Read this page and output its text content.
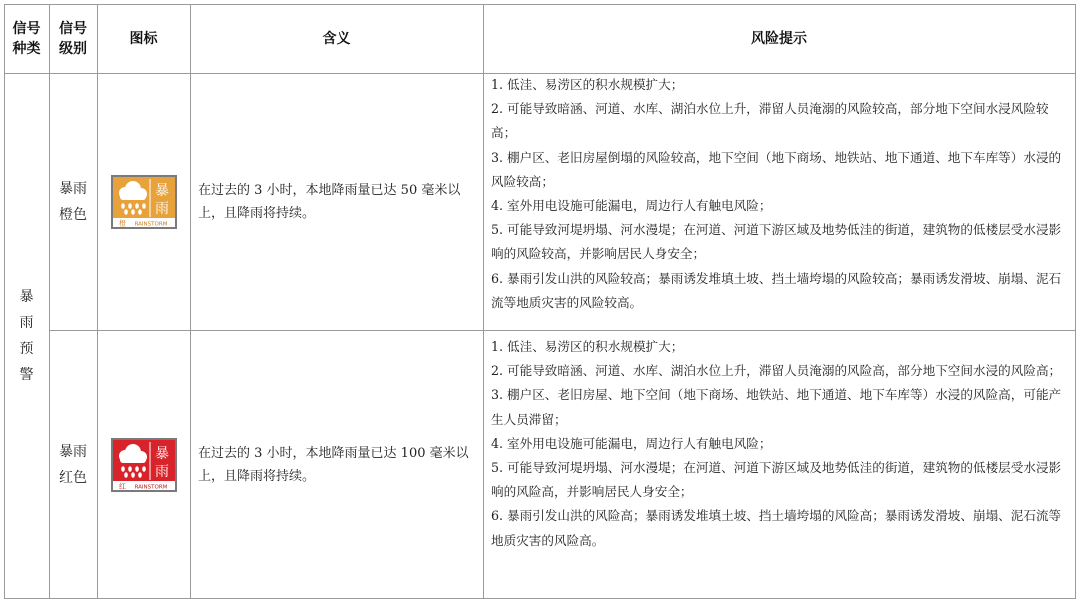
信号
种类
信号
级别
图标	含义	风险提示
暴
雨
预
警
暴雨
橙色
暴
雨
橙 RAINSTORM
在过去的 3 小时，本地降雨量已达 50 毫米以上，且降雨将持续。

1. 低洼、易涝区的积水规模扩大；

2. 可能导致暗涵、河道、水库、湖泊水位上升，滞留人员淹溺的风险较高，部分地下空间水浸风险较高；

3. 棚户区、老旧房屋倒塌的风险较高，地下空间（地下商场、地铁站、地下通道、地下车库等）水浸的风险较高；

4. 室外用电设施可能漏电，周边行人有触电风险；

5. 可能导致河堤坍塌、河水漫堤；在河道、河道下游区域及地势低洼的街道，建筑物的低楼层受水浸影响的风险较高，并影响居民人身安全；

6. 暴雨引发山洪的风险较高；暴雨诱发堆填土坡、挡土墙垮塌的风险较高；暴雨诱发滑坡、崩塌、泥石流等地质灾害的风险较高。

暴雨
红色
暴
雨
红 RAINSTORM
在过去的 3 小时，本地降雨量已达 100 毫米以上，且降雨将持续。

1. 低洼、易涝区的积水规模扩大；

2. 可能导致暗涵、河道、水库、湖泊水位上升，滞留人员淹溺的风险高，部分地下空间水浸的风险高；

3. 棚户区、老旧房屋、地下空间（地下商场、地铁站、地下通道、地下车库等）水浸的风险高，可能产生人员滞留；

4. 室外用电设施可能漏电，周边行人有触电风险；

5. 可能导致河堤坍塌、河水漫堤；在河道、河道下游区域及地势低洼的街道，建筑物的低楼层受水浸影响的风险高，并影响居民人身安全；

6. 暴雨引发山洪的风险高；暴雨诱发堆填土坡、挡土墙垮塌的风险高；暴雨诱发滑坡、崩塌、泥石流等地质灾害的风险高。
